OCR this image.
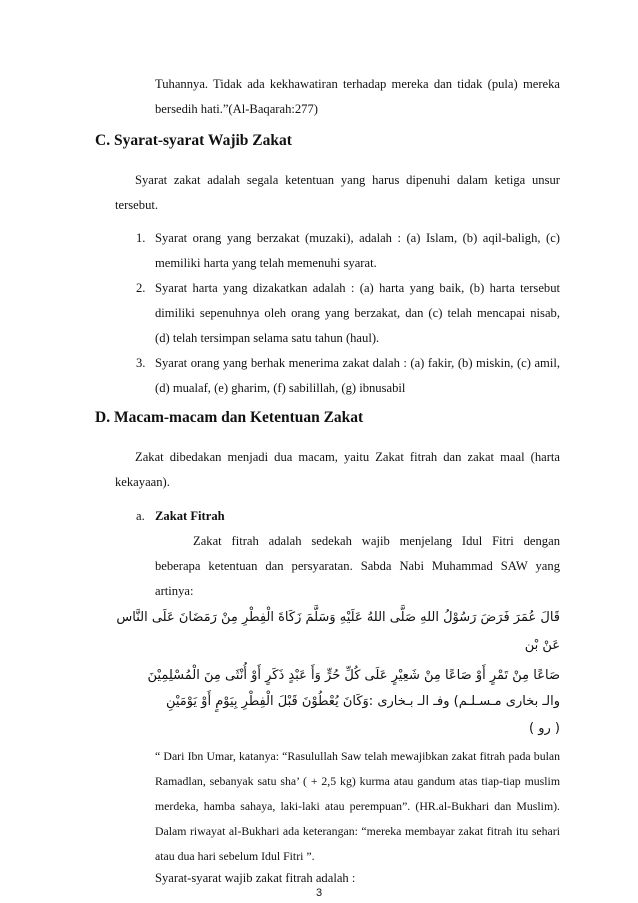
Tuhannya. Tidak ada kekhawatiran terhadap mereka dan tidak (pula) mereka
bersedih hati.”(Al-Baqarah:277)
C. Syarat-syarat Wajib Zakat
Syarat zakat adalah segala ketentuan yang harus dipenuhi dalam ketiga unsur
tersebut.
1. Syarat orang yang berzakat (muzaki), adalah : (a) Islam, (b) aqil-baligh, (c)
memiliki harta yang telah memenuhi syarat.
2. Syarat harta yang dizakatkan adalah : (a) harta yang baik, (b) harta tersebut
dimiliki sepenuhnya oleh orang yang berzakat, dan (c) telah mencapai nisab,
(d) telah tersimpan selama satu tahun (haul).
3. Syarat orang yang berhak menerima zakat dalah : (a) fakir, (b) miskin, (c) amil,
(d) mualaf, (e) gharim, (f) sabilillah, (g) ibnusabil
D. Macam-macam dan Ketentuan Zakat
Zakat dibedakan menjadi dua macam, yaitu Zakat fitrah dan zakat maal (harta
kekayaan).
a. Zakat Fitrah
Zakat fitrah adalah sedekah wajib menjelang Idul Fitri dengan
beberapa ketentuan dan persyaratan. Sabda Nabi Muhammad SAW yang
artinya:
قَالَ عُمَرَ فَرَضَ رَسُوْلُ اللهِ صَلَّى اللهُ عَلَيْهِ وَسَلَّمَ زَكَاةَ الْفِطْرِ مِنْ رَمَضَانَ عَلَى النَّاس
عَنْ بْن
صَاعًا مِنْ تَمْرٍ أَوْ صَاعًا مِنْ شَعِيْرٍ عَلَى كُلِّ حُرٍّ وَأَ عَبْدٍ ذَكَرٍ أَوْ أُنْثَى مِنَ الْمُسْلِمِيْنَ
والـ بخاری مـسـلـم) وفـ الـ بـخاری :وَكَانَ يُعْطُوْنَ قَبْلَ الْفِطْرِ بِيَوْمٍ أَوْ يَوْمَيْنِ
( رو )
“ Dari Ibn Umar, katanya: “Rasulullah Saw telah mewajibkan zakat fitrah pada bulan
Ramadlan, sebanyak satu sha’ ( + 2,5 kg) kurma atau gandum atas tiap-tiap muslim
merdeka, hamba sahaya, laki-laki atau perempuan”. (HR.al-Bukhari dan Muslim).
Dalam riwayat al-Bukhari ada keterangan: “mereka membayar zakat fitrah itu sehari
atau dua hari sebelum Idul Fitri ”.
Syarat-syarat wajib zakat fitrah adalah :
3
